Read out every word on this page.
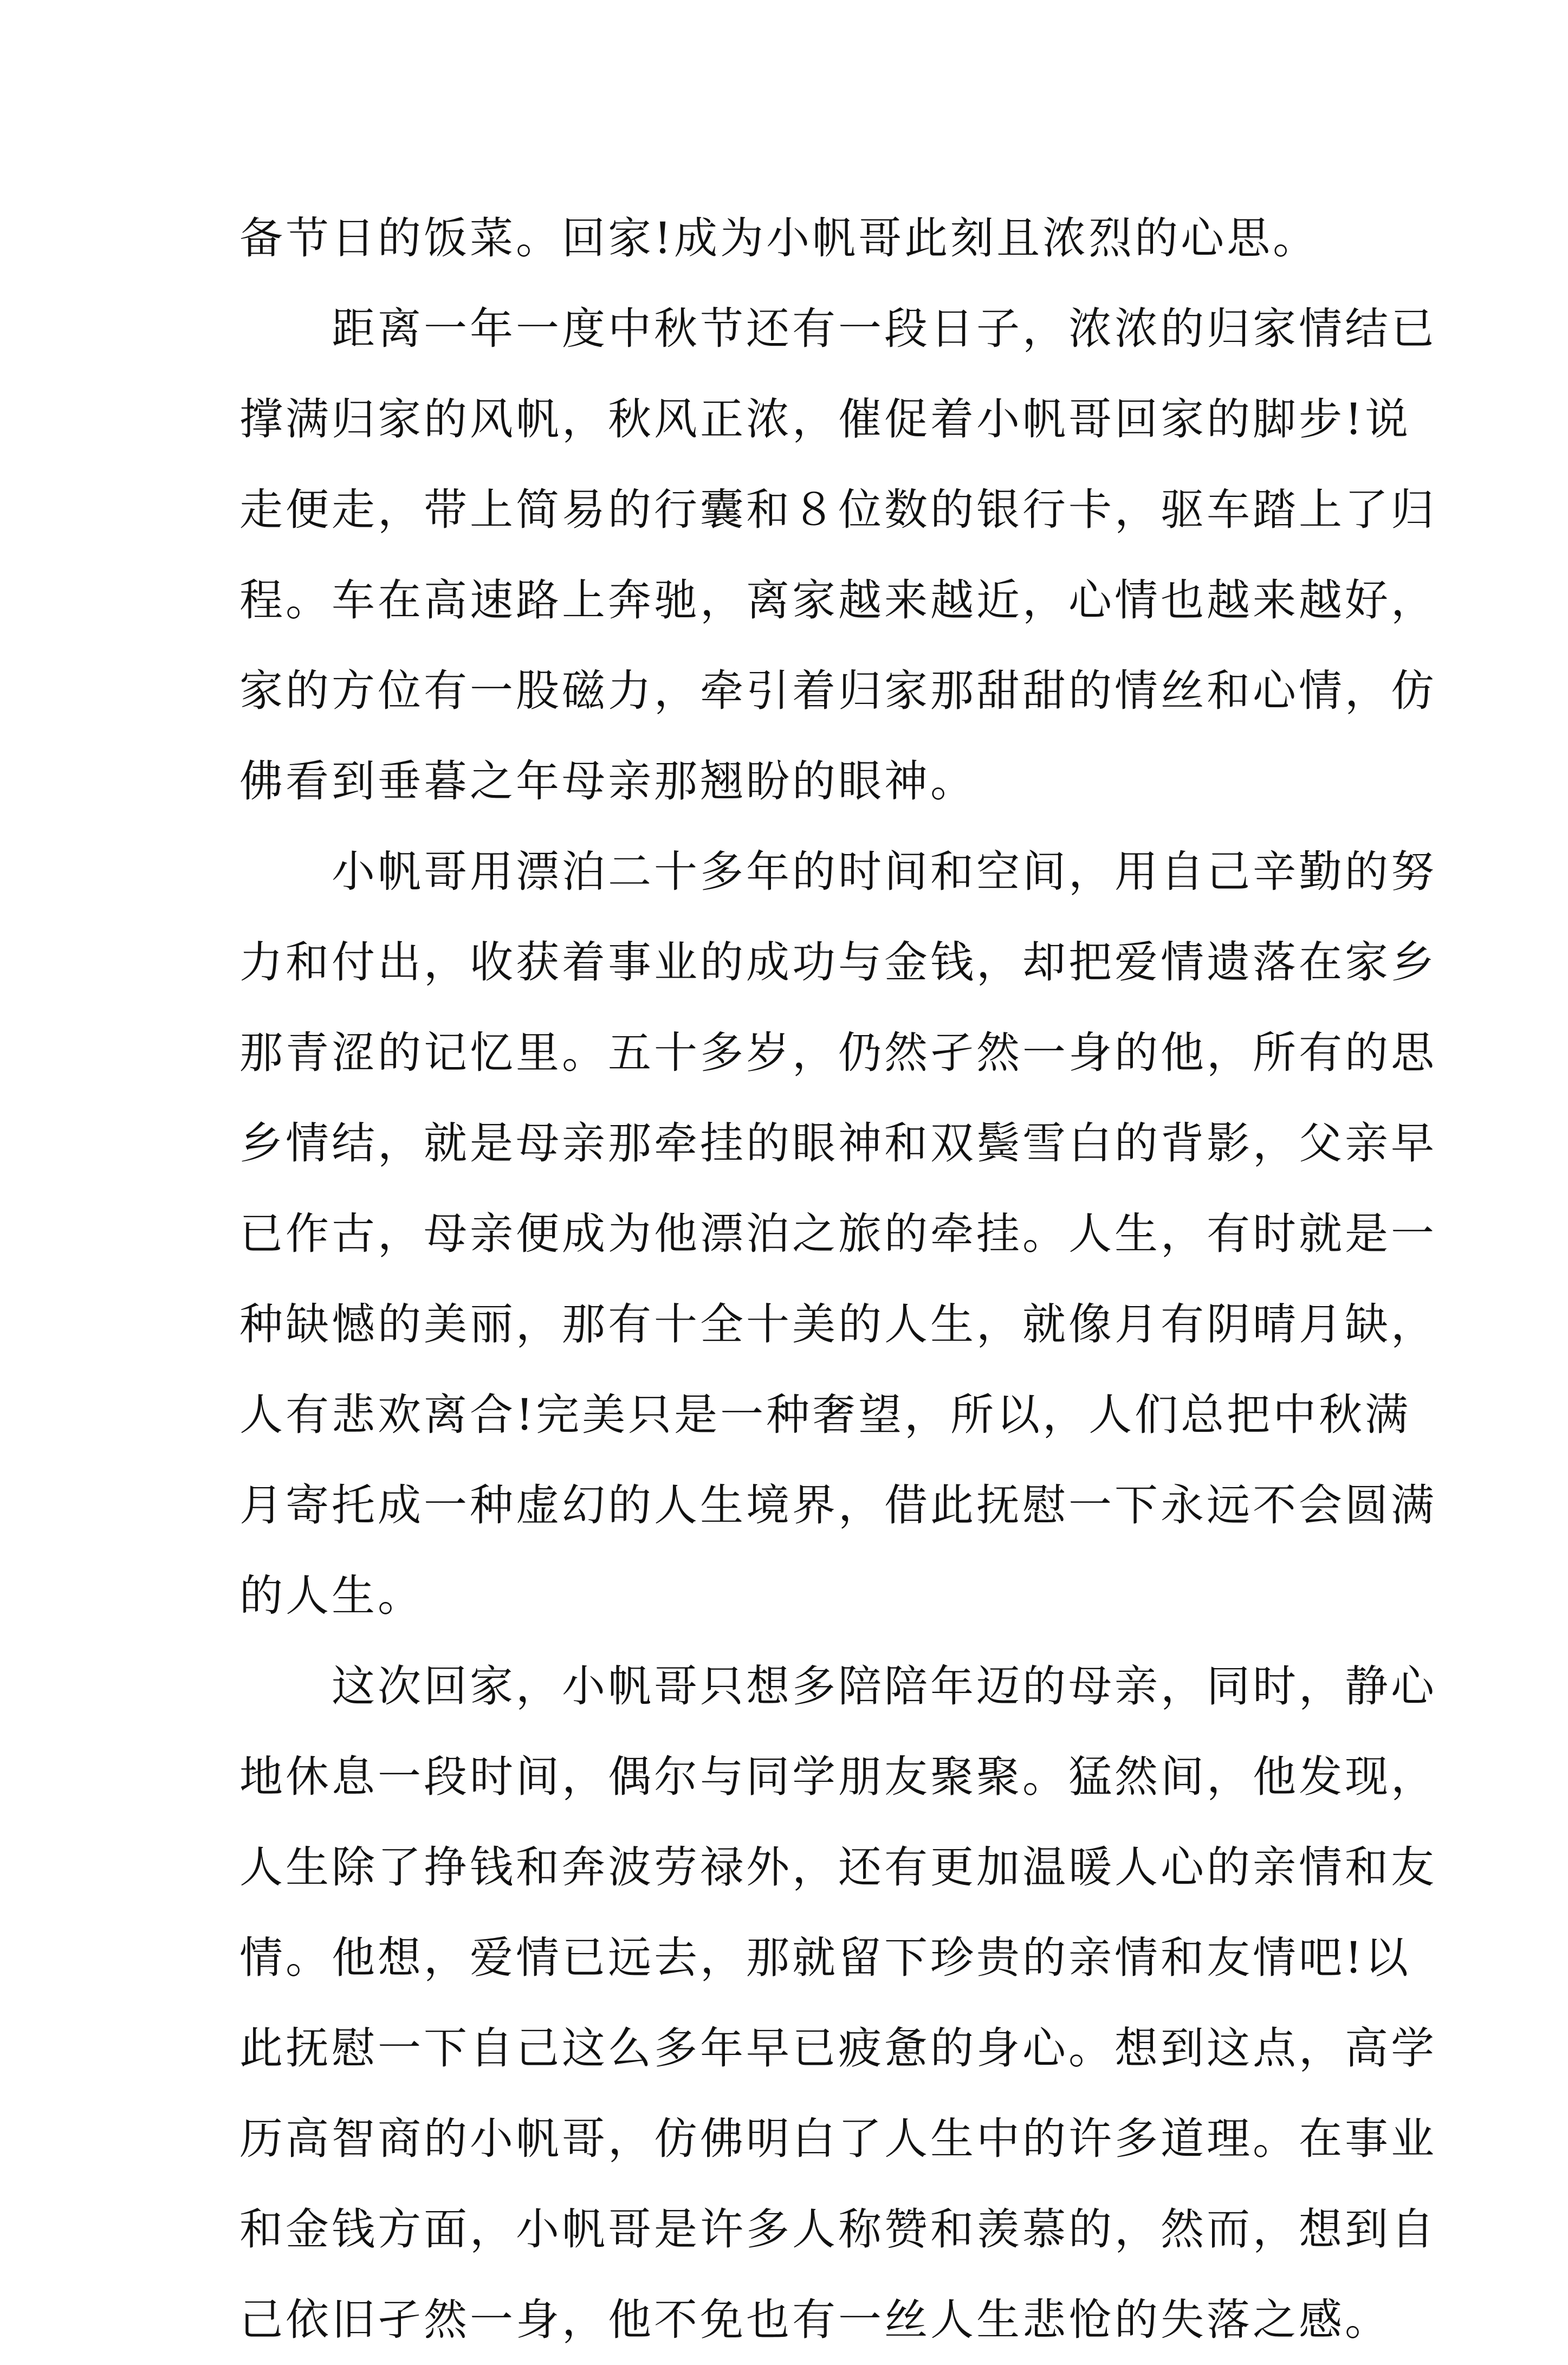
备节日的饭菜。回家!成为小帆哥此刻且浓烈的心思。
距离一年一度中秋节还有一段日子，浓浓的归家情结已
撑满归家的风帆，秋风正浓，催促着小帆哥回家的脚步!说
走便走，带上简易的行囊和８位数的银行卡，驱车踏上了归
程。车在高速路上奔驰，离家越来越近，心情也越来越好，
家的方位有一股磁力，牵引着归家那甜甜的情丝和心情，仿
佛看到垂暮之年母亲那翘盼的眼神。
小帆哥用漂泊二十多年的时间和空间，用自己辛勤的努
力和付出，收获着事业的成功与金钱，却把爱情遗落在家乡
那青涩的记忆里。五十多岁，仍然孑然一身的他，所有的思
乡情结，就是母亲那牵挂的眼神和双鬓雪白的背影，父亲早
已作古，母亲便成为他漂泊之旅的牵挂。人生，有时就是一
种缺憾的美丽，那有十全十美的人生，就像月有阴晴月缺，
人有悲欢离合!完美只是一种奢望，所以，人们总把中秋满
月寄托成一种虚幻的人生境界，借此抚慰一下永远不会圆满
的人生。
这次回家，小帆哥只想多陪陪年迈的母亲，同时，静心
地休息一段时间，偶尔与同学朋友聚聚。猛然间，他发现，
人生除了挣钱和奔波劳禄外，还有更加温暖人心的亲情和友
情。他想，爱情已远去，那就留下珍贵的亲情和友情吧!以
此抚慰一下自己这么多年早已疲惫的身心。想到这点，高学
历高智商的小帆哥，仿佛明白了人生中的许多道理。在事业
和金钱方面，小帆哥是许多人称赞和羡慕的，然而，想到自
己依旧孑然一身，他不免也有一丝人生悲怆的失落之感。
